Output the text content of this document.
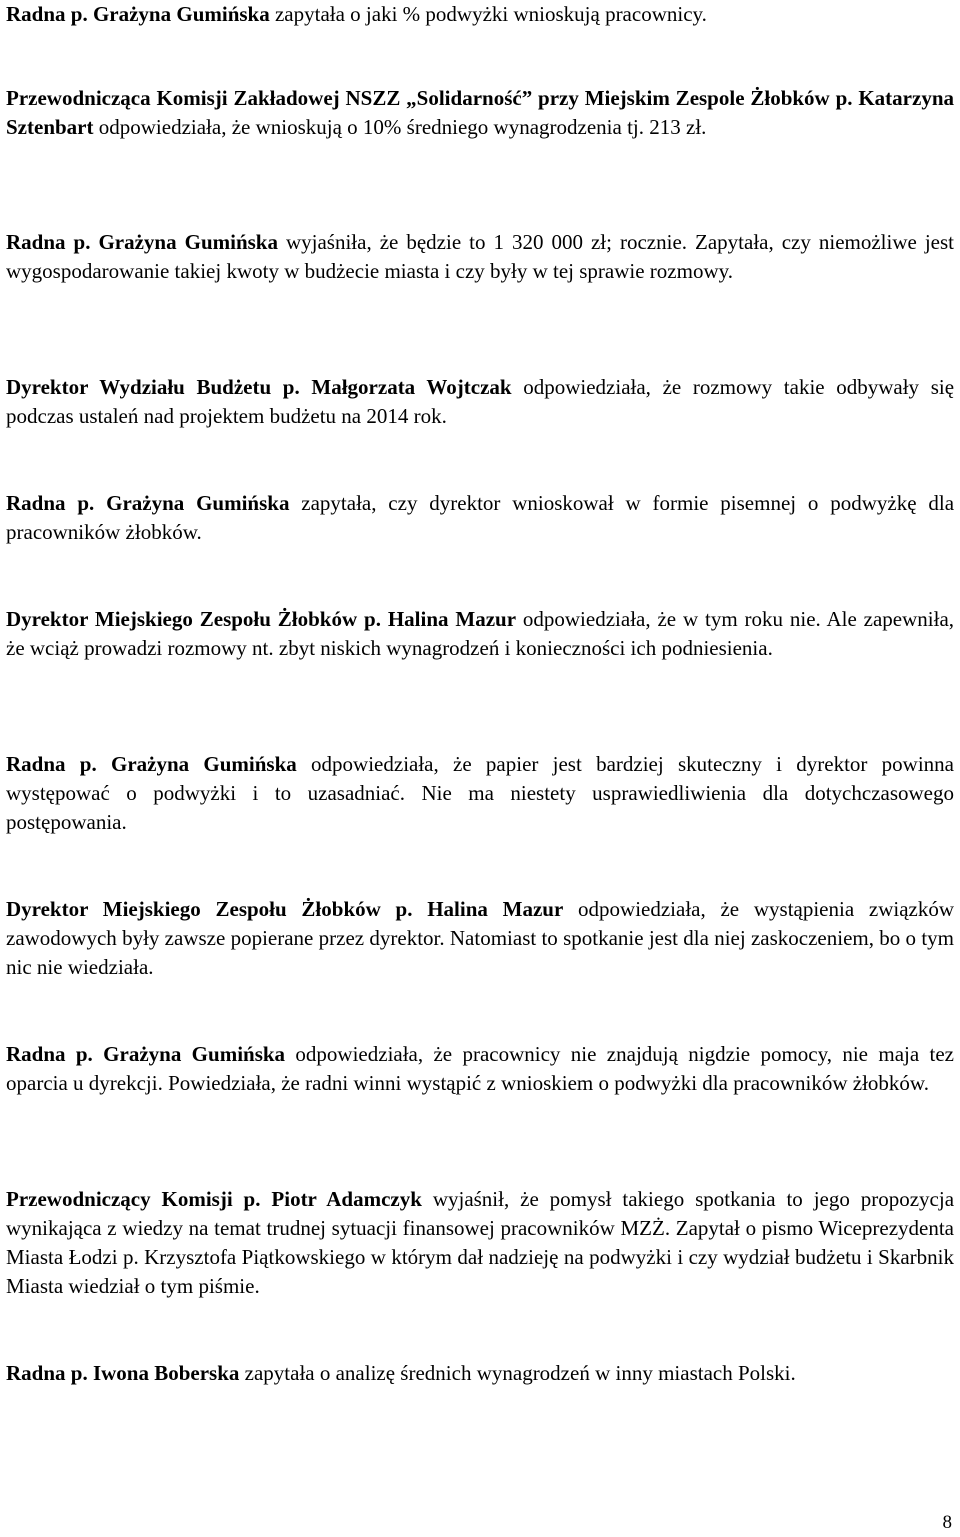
Radna p. Grażyna Gumińska zapytała o jaki % podwyżki wnioskują pracownicy.

Przewodnicząca Komisji Zakładowej NSZZ „Solidarność” przy Miejskim Zespole Żłobków p. Katarzyna Sztenbart odpowiedziała, że wnioskują o 10% średniego wynagrodzenia tj. 213 zł.

Radna p. Grażyna Gumińska wyjaśniła, że będzie to 1 320 000 zł; rocznie. Zapytała, czy niemożliwe jest wygospodarowanie takiej kwoty w budżecie miasta i czy były w tej sprawie rozmowy.

Dyrektor Wydziału Budżetu p. Małgorzata Wojtczak odpowiedziała, że rozmowy takie odbywały się podczas ustaleń nad projektem budżetu na 2014 rok.

Radna p. Grażyna Gumińska zapytała, czy dyrektor wnioskował w formie pisemnej o podwyżkę dla pracowników żłobków.

Dyrektor Miejskiego Zespołu Żłobków p. Halina Mazur odpowiedziała, że w tym roku nie. Ale zapewniła, że wciąż prowadzi rozmowy nt. zbyt niskich wynagrodzeń i konieczności ich podniesienia.

Radna p. Grażyna Gumińska odpowiedziała, że papier jest bardziej skuteczny i dyrektor powinna występować o podwyżki i to uzasadniać. Nie ma niestety usprawiedliwienia dla dotychczasowego postępowania.

Dyrektor Miejskiego Zespołu Żłobków p. Halina Mazur odpowiedziała, że wystąpienia związków zawodowych były zawsze popierane przez dyrektor. Natomiast to spotkanie jest dla niej zaskoczeniem, bo o tym nic nie wiedziała.

Radna p. Grażyna Gumińska odpowiedziała, że pracownicy nie znajdują nigdzie pomocy, nie maja tez oparcia u dyrekcji. Powiedziała, że radni winni wystąpić z wnioskiem o podwyżki dla pracowników żłobków.

Przewodniczący Komisji p. Piotr Adamczyk wyjaśnił, że pomysł takiego spotkania to jego propozycja wynikająca z wiedzy na temat trudnej sytuacji finansowej pracowników MZŻ. Zapytał o pismo Wiceprezydenta Miasta Łodzi p. Krzysztofa Piątkowskiego w którym dał nadzieję na podwyżki i czy wydział budżetu i Skarbnik Miasta wiedział o tym piśmie.

Radna p. Iwona Boberska zapytała o analizę średnich wynagrodzeń w inny miastach Polski.

8
